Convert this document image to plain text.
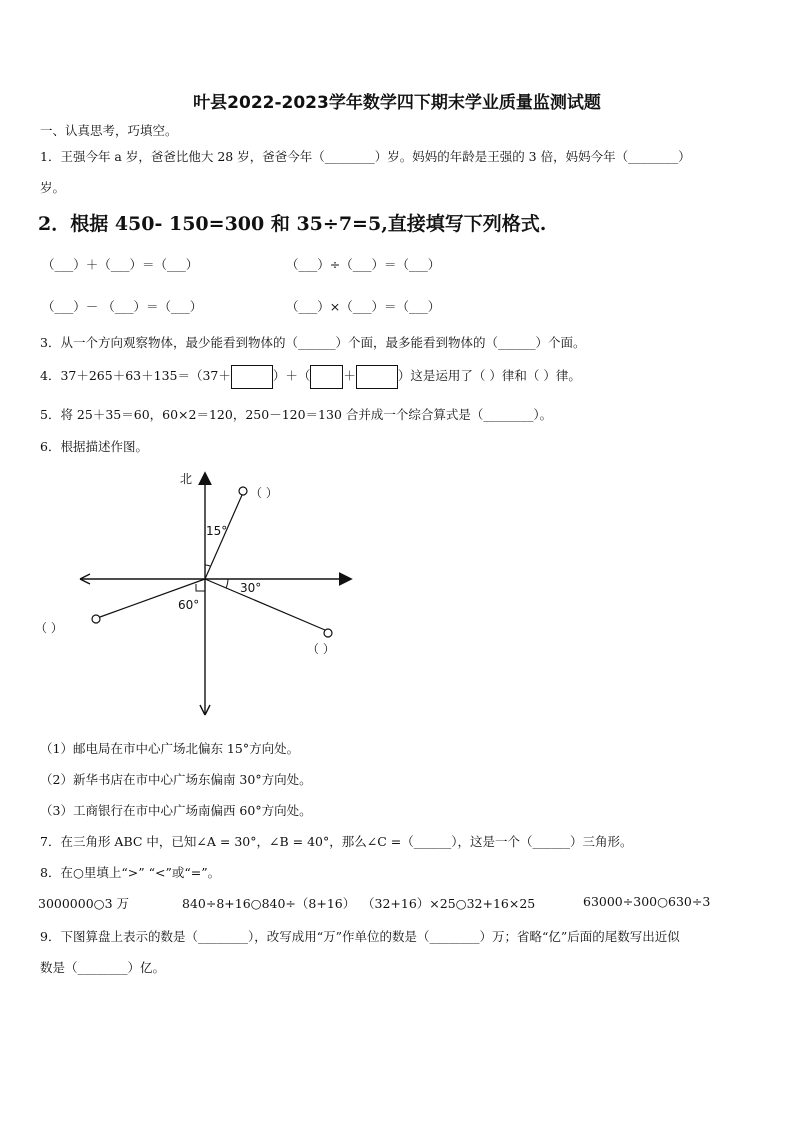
叶县2022-2023学年数学四下期末学业质量监测试题
一、认真思考，巧填空。
1．王强今年 a 岁，爸爸比他大 28 岁，爸爸今年（________）岁。妈妈的年龄是王强的 3 倍，妈妈今年（________）
岁。
2．根据 450- 150=300 和 35÷7=5,直接填写下列格式.
（___）＋（___）＝（___）	（___）÷（___）＝（___）
（___）－ （___）＝（___）	（___）×（___）＝（___）
3．从一个方向观察物体，最少能看到物体的（______）个面，最多能看到物体的（______）个面。
4．37＋265＋63＋135＝（37＋	）＋（	＋	）这是运用了（ ）律和（ ）律。
5．将 25＋35＝60，60×2＝120，250－120＝130 合并成一个综合算式是（________）。
6．根据描述作图。
北
15°
30°
60°
（ ）
（ ）
（ ）
（1）邮电局在市中心广场北偏东 15°方向处。
（2）新华书店在市中心广场东偏南 30°方向处。
（3）工商银行在市中心广场南偏西 60°方向处。
7．在三角形 ABC 中，已知∠A = 30°，∠B = 40°，那么∠C =（______），这是一个（______）三角形。
8．在○里填上“>” “<”或“=”。
3000000○3 万	840÷8+16○840÷（8+16） （32+16）×25○32+16×25	63000÷300○630÷3
9．下图算盘上表示的数是（________），改写成用“万”作单位的数是（________）万；省略“亿”后面的尾数写出近似
数是（________）亿。
